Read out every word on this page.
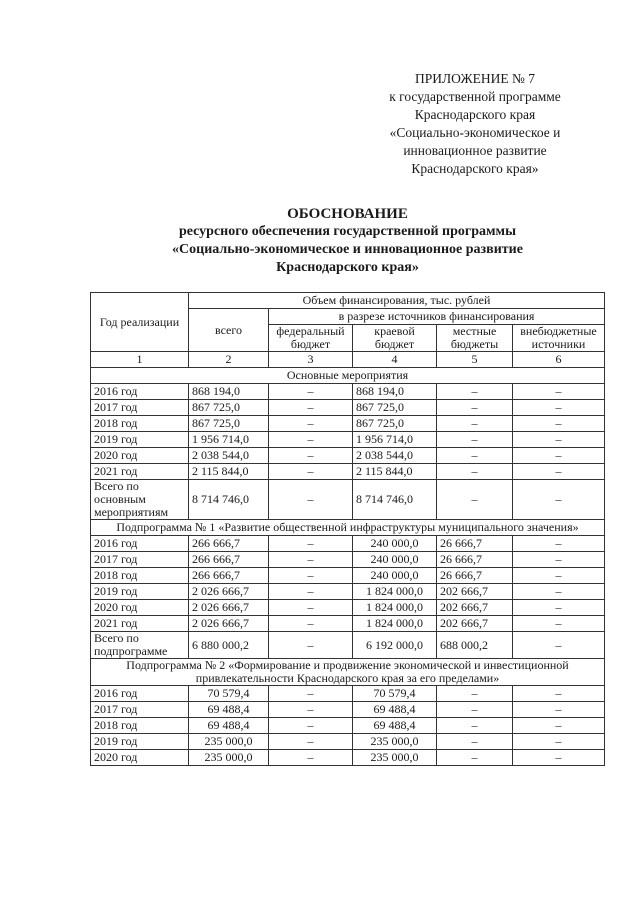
ПРИЛОЖЕНИЕ № 7
к государственной программе
Краснодарского края
«Социально-экономическое и
инновационное развитие
Краснодарского края»
ОБОСНОВАНИЕ
ресурсного обеспечения государственной программы
«Социально-экономическое и инновационное развитие
Краснодарского края»
Год реализации	Объем финансирования, тыс. рублей				
	всего	в разрезе источников финансирования			
		федеральный бюджет	краевой бюджет	местные бюджеты	внебюджетные источники
1	2	3	4	5	6
Основные мероприятия					
2016 год	868 194,0	–	868 194,0	–	–
2017 год	867 725,0	–	867 725,0	–	–
2018 год	867 725,0	–	867 725,0	–	–
2019 год	1 956 714,0	–	1 956 714,0	–	–
2020 год	2 038 544,0	–	2 038 544,0	–	–
2021 год	2 115 844,0	–	2 115 844,0	–	–
Всего по основным мероприятиям	8 714 746,0	–	8 714 746,0	–	–
Подпрограмма № 1 «Развитие общественной инфраструктуры муниципального значения»					
2016 год	266 666,7	–	240 000,0	26 666,7	–
2017 год	266 666,7	–	240 000,0	26 666,7	–
2018 год	266 666,7	–	240 000,0	26 666,7	–
2019 год	2 026 666,7	–	1 824 000,0	202 666,7	–
2020 год	2 026 666,7	–	1 824 000,0	202 666,7	–
2021 год	2 026 666,7	–	1 824 000,0	202 666,7	–
Всего по подпрограмме	6 880 000,2	–	6 192 000,0	688 000,2	–
Подпрограмма № 2 «Формирование и продвижение экономической и инвестиционной привлекательности Краснодарского края за его пределами»					
2016 год	70 579,4	–	70 579,4	–	–
2017 год	69 488,4	–	69 488,4	–	–
2018 год	69 488,4	–	69 488,4	–	–
2019 год	235 000,0	–	235 000,0	–	–
2020 год	235 000,0	–	235 000,0	–	–
